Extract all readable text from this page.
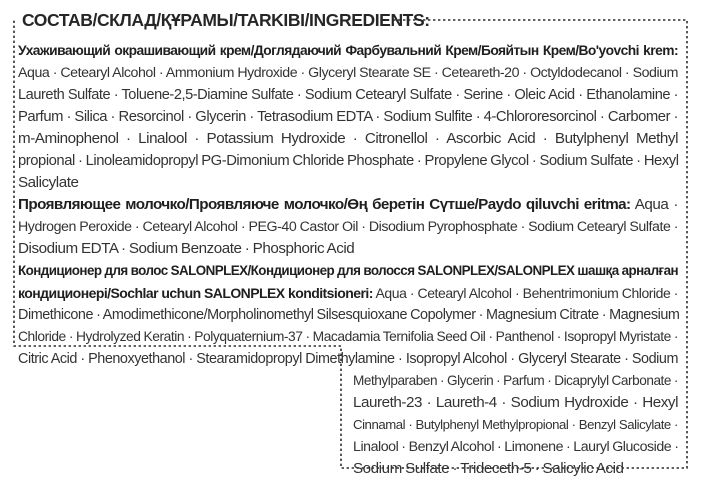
СОСТАВ/СКЛАД/ҚҰРАМЫ/TARKIBI/INGREDIENTS:
Ухаживающий окрашивающий крем/Доглядаючий Фарбувальний Крем/Бояйтын Крем/Bo'yovchi krem:
Aqua · Cetearyl Alcohol · Ammonium Hydroxide · Glyceryl Stearate SE · Ceteareth-20 · Octyldodecanol · Sodium
Laureth Sulfate · Toluene-2,5-Diamine Sulfate · Sodium Cetearyl Sulfate · Serine · Oleic Acid · Ethanolamine ·
Parfum · Silica · Resorcinol · Glycerin · Tetrasodium EDTA · Sodium Sulfite · 4-Chlororesorcinol · Carbomer ·
m-Aminophenol · Linalool · Potassium Hydroxide · Citronellol · Ascorbic Acid · Butylphenyl Methyl
propional · Linoleamidopropyl PG-Dimonium Chloride Phosphate · Propylene Glycol · Sodium Sulfate · Hexyl
Salicylate
Проявляющее молочко/Проявляюче молочко/Өң беретін Сүтше/Paydo qiluvchi eritma: Aqua ·
Hydrogen Peroxide · Cetearyl Alcohol · PEG-40 Castor Oil · Disodium Pyrophosphate · Sodium Cetearyl Sulfate ·
Disodium EDTA · Sodium Benzoate · Phosphoric Acid
Кондиционер для волос SALONPLEX/Кондиционер для волосся SALONPLEX/SALONPLEX шашқа арналған
кондиционері/Sochlar uchun SALONPLEX konditsioneri: Aqua · Cetearyl Alcohol · Behentrimonium Chloride ·
Dimethicone · Amodimethicone/Morpholinomethyl Silsesquioxane Copolymer · Magnesium Citrate · Magnesium
Chloride · Hydrolyzed Keratin · Polyquaternium-37 · Macadamia Ternifolia Seed Oil · Panthenol · Isopropyl Myristate ·
Citric Acid · Phenoxyethanol · Stearamidopropyl Dimethylamine · Isopropyl Alcohol · Glyceryl Stearate · Sodium
Methylparaben · Glycerin · Parfum · Dicaprylyl Carbonate ·
Laureth-23 · Laureth-4 · Sodium Hydroxide · Hexyl
Cinnamal · Butylphenyl Methylpropional · Benzyl Salicylate ·
Linalool · Benzyl Alcohol · Limonene · Lauryl Glucoside ·
Sodium Sulfate · Trideceth-5 · Salicylic Acid
